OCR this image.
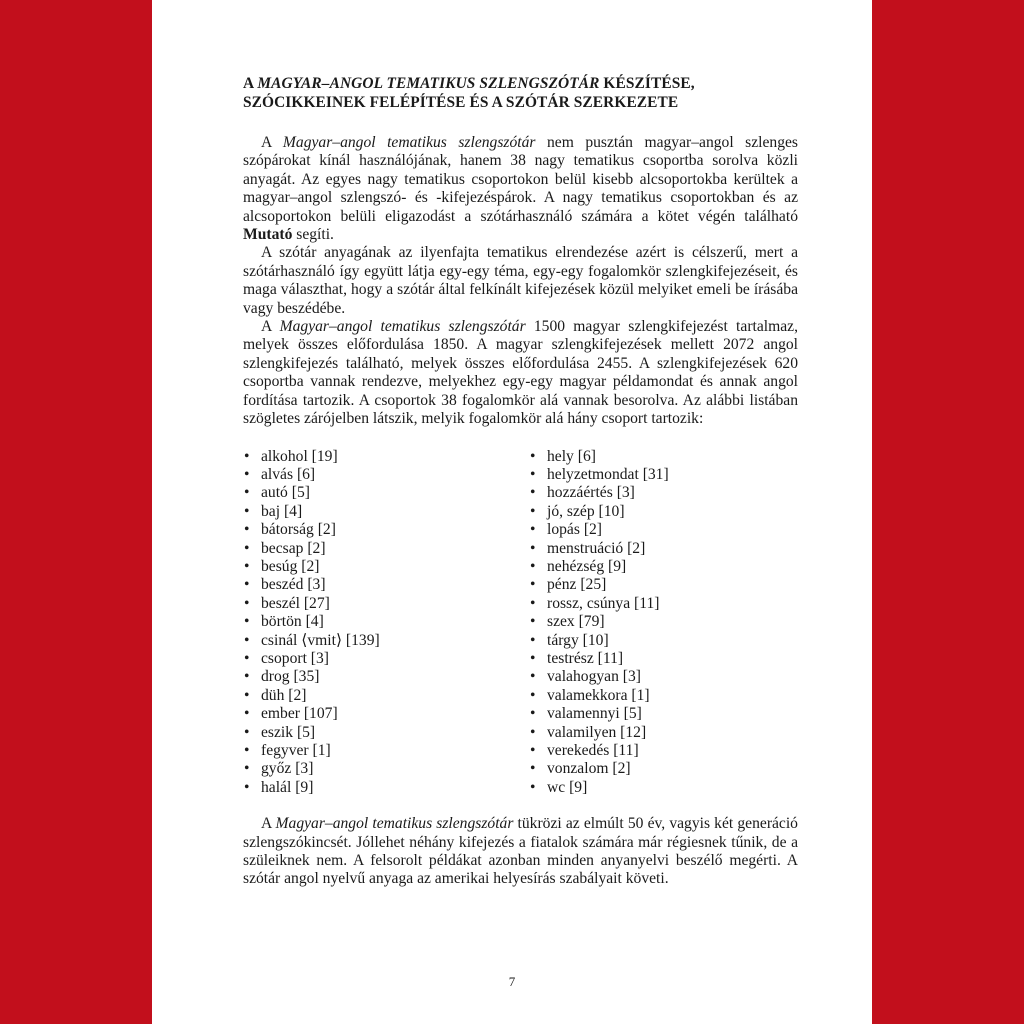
A MAGYAR–ANGOL TEMATIKUS SZLENGSZÓTÁR KÉSZÍTÉSE,
SZÓCIKKEINEK FELÉPÍTÉSE ÉS A SZÓTÁR SZERKEZETE

A Magyar–angol tematikus szlengszótár nem pusztán magyar–angol szlenges szópárokat kínál használójának, hanem 38 nagy tematikus csoportba sorolva közli anyagát. Az egyes nagy tematikus csoportokon belül kisebb alcsoportokba kerültek a magyar–angol szlengszó- és -kifejezéspárok. A nagy tematikus csoportokban és az alcsoportokon belüli eligazodást a szótárhasználó számára a kötet végén található Mutató segíti.

A szótár anyagának az ilyenfajta tematikus elrendezése azért is célszerű, mert a szótárhasználó így együtt látja egy-egy téma, egy-egy fogalomkör szlengkifejezéseit, és maga választhat, hogy a szótár által felkínált kifejezések közül melyiket emeli be írásába vagy beszédébe.

A Magyar–angol tematikus szlengszótár 1500 magyar szlengkifejezést tartalmaz, melyek összes előfordulása 1850. A magyar szlengkifejezések mellett 2072 angol szlengkifejezés található, melyek összes előfordulása 2455. A szlengkifejezések 620 csoportba vannak rendezve, melyekhez egy-egy magyar példamondat és annak angol fordítása tartozik. A csoportok 38 fogalomkör alá vannak besorolva. Az alábbi listában szögletes zárójelben látszik, melyik fogalomkör alá hány csoport tartozik:

• alkohol [19]
• alvás [6]
• autó [5]
• baj [4]
• bátorság [2]
• becsap [2]
• besúg [2]
• beszéd [3]
• beszél [27]
• börtön [4]
• csinál ⟨vmit⟩ [139]
• csoport [3]
• drog [35]
• düh [2]
• ember [107]
• eszik [5]
• fegyver [1]
• győz [3]
• halál [9]
• hely [6]
• helyzetmondat [31]
• hozzáértés [3]
• jó, szép [10]
• lopás [2]
• menstruáció [2]
• nehézség [9]
• pénz [25]
• rossz, csúnya [11]
• szex [79]
• tárgy [10]
• testrész [11]
• valahogyan [3]
• valamekkora [1]
• valamennyi [5]
• valamilyen [12]
• verekedés [11]
• vonzalom [2]
• wc [9]

A Magyar–angol tematikus szlengszótár tükrözi az elmúlt 50 év, vagyis két generáció szlengszókincsét. Jóllehet néhány kifejezés a fiatalok számára már régiesnek tűnik, de a szüleiknek nem. A felsorolt példákat azonban minden anyanyelvi beszélő megérti. A szótár angol nyelvű anyaga az amerikai helyesírás szabályait követi.

7
